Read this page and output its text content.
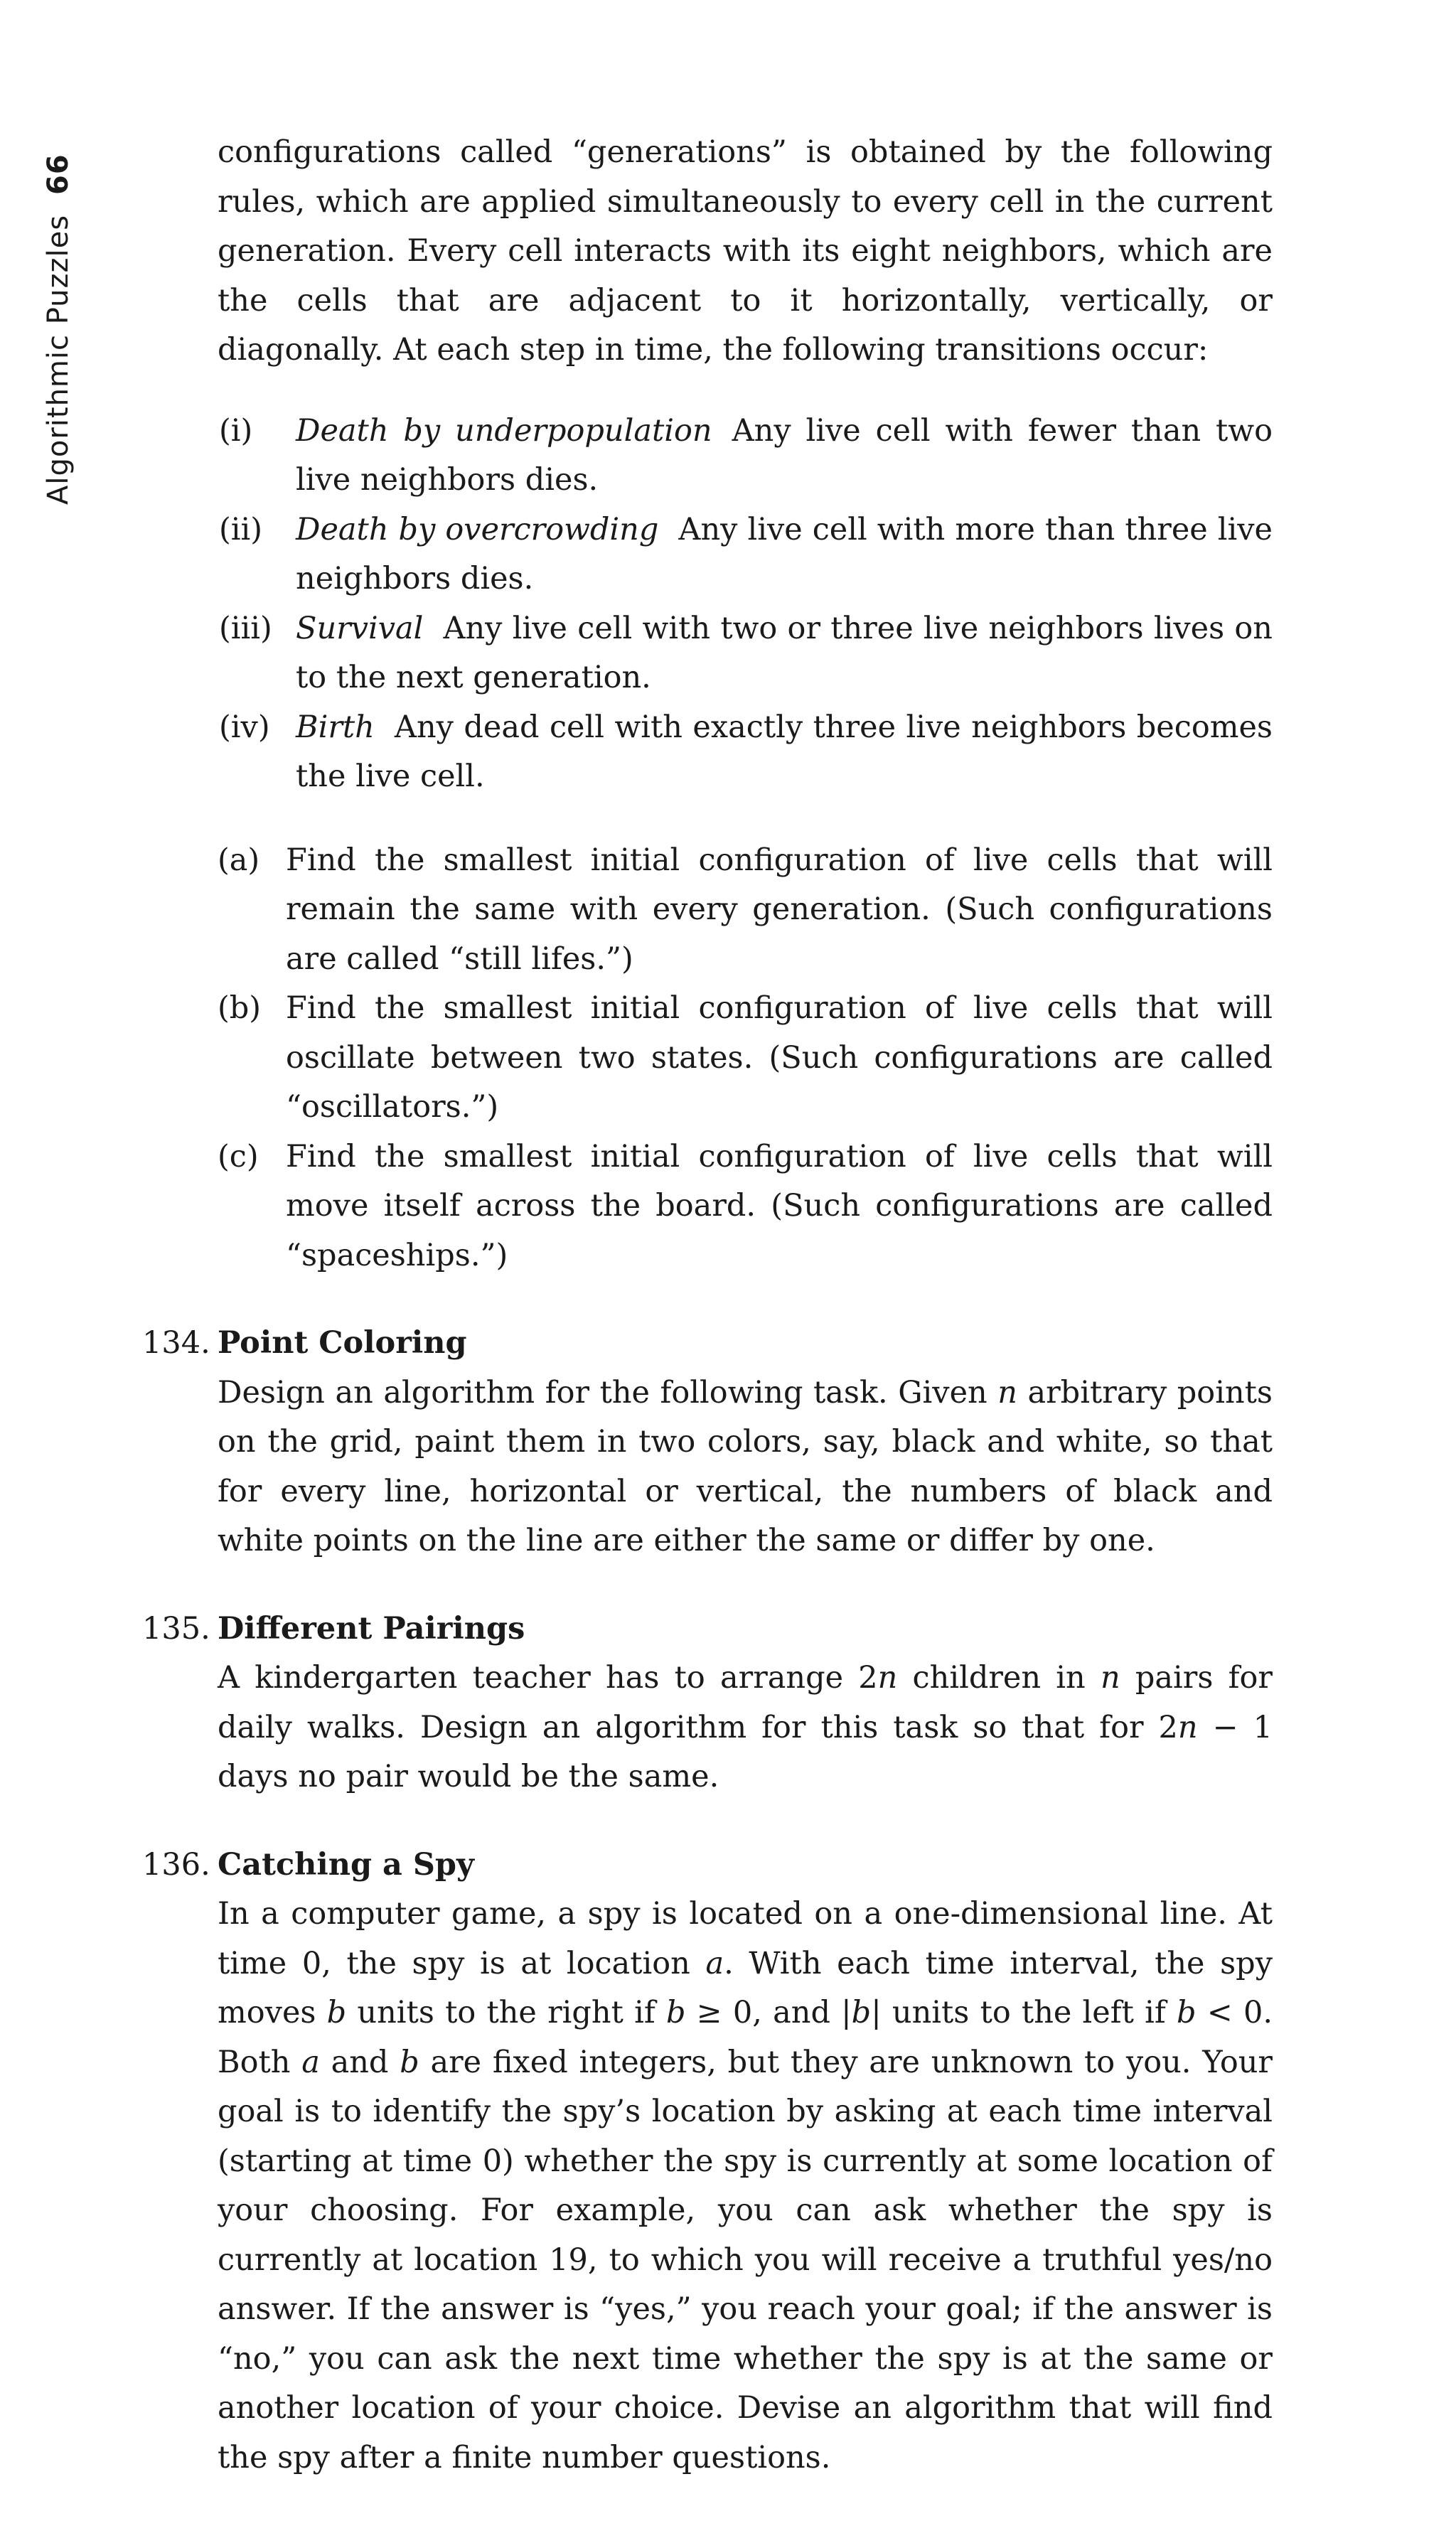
Algorithmic Puzzles66

configurations called “generations” is obtained by the following rules, which are applied simultaneously to every cell in the current generation. Every cell interacts with its eight neighbors, which are the cells that are adjacent to it horizontally, vertically, or diagonally. At each step in time, the following transitions occur:

(i) Death by underpopulation Any live cell with fewer than two live neighbors dies.
(ii) Death by overcrowding Any live cell with more than three live neighbors dies.
(iii) Survival Any live cell with two or three live neighbors lives on to the next generation.
(iv) Birth Any dead cell with exactly three live neighbors becomes the live cell.
(a) Find the smallest initial configuration of live cells that will remain the same with every generation. (Such configurations are called “still lifes.”)
(b) Find the smallest initial configuration of live cells that will oscillate between two states. (Such configurations are called “oscillators.”)
(c) Find the smallest initial configuration of live cells that will move itself across the board. (Such configurations are called “spaceships.”)
134. Point Coloring

Design an algorithm for the following task. Given n arbitrary points on the grid, paint them in two colors, say, black and white, so that for every line, horizontal or vertical, the numbers of black and white points on the line are either the same or differ by one.

135. Different Pairings

A kindergarten teacher has to arrange 2n children in n pairs for daily walks. Design an algorithm for this task so that for 2n − 1 days no pair would be the same.

136. Catching a Spy

In a computer game, a spy is located on a one-dimensional line. At time 0, the spy is at location a. With each time interval, the spy moves b units to the right if b ≥ 0, and |b| units to the left if b < 0. Both a and b are fixed integers, but they are unknown to you. Your goal is to identify the spy’s location by asking at each time interval (starting at time 0) whether the spy is currently at some location of your choosing. For example, you can ask whether the spy is currently at location 19, to which you will receive a truthful yes/no answer. If the answer is “yes,” you reach your goal; if the answer is “no,” you can ask the next time whether the spy is at the same or another location of your choice. Devise an algorithm that will find the spy after a finite number questions.
